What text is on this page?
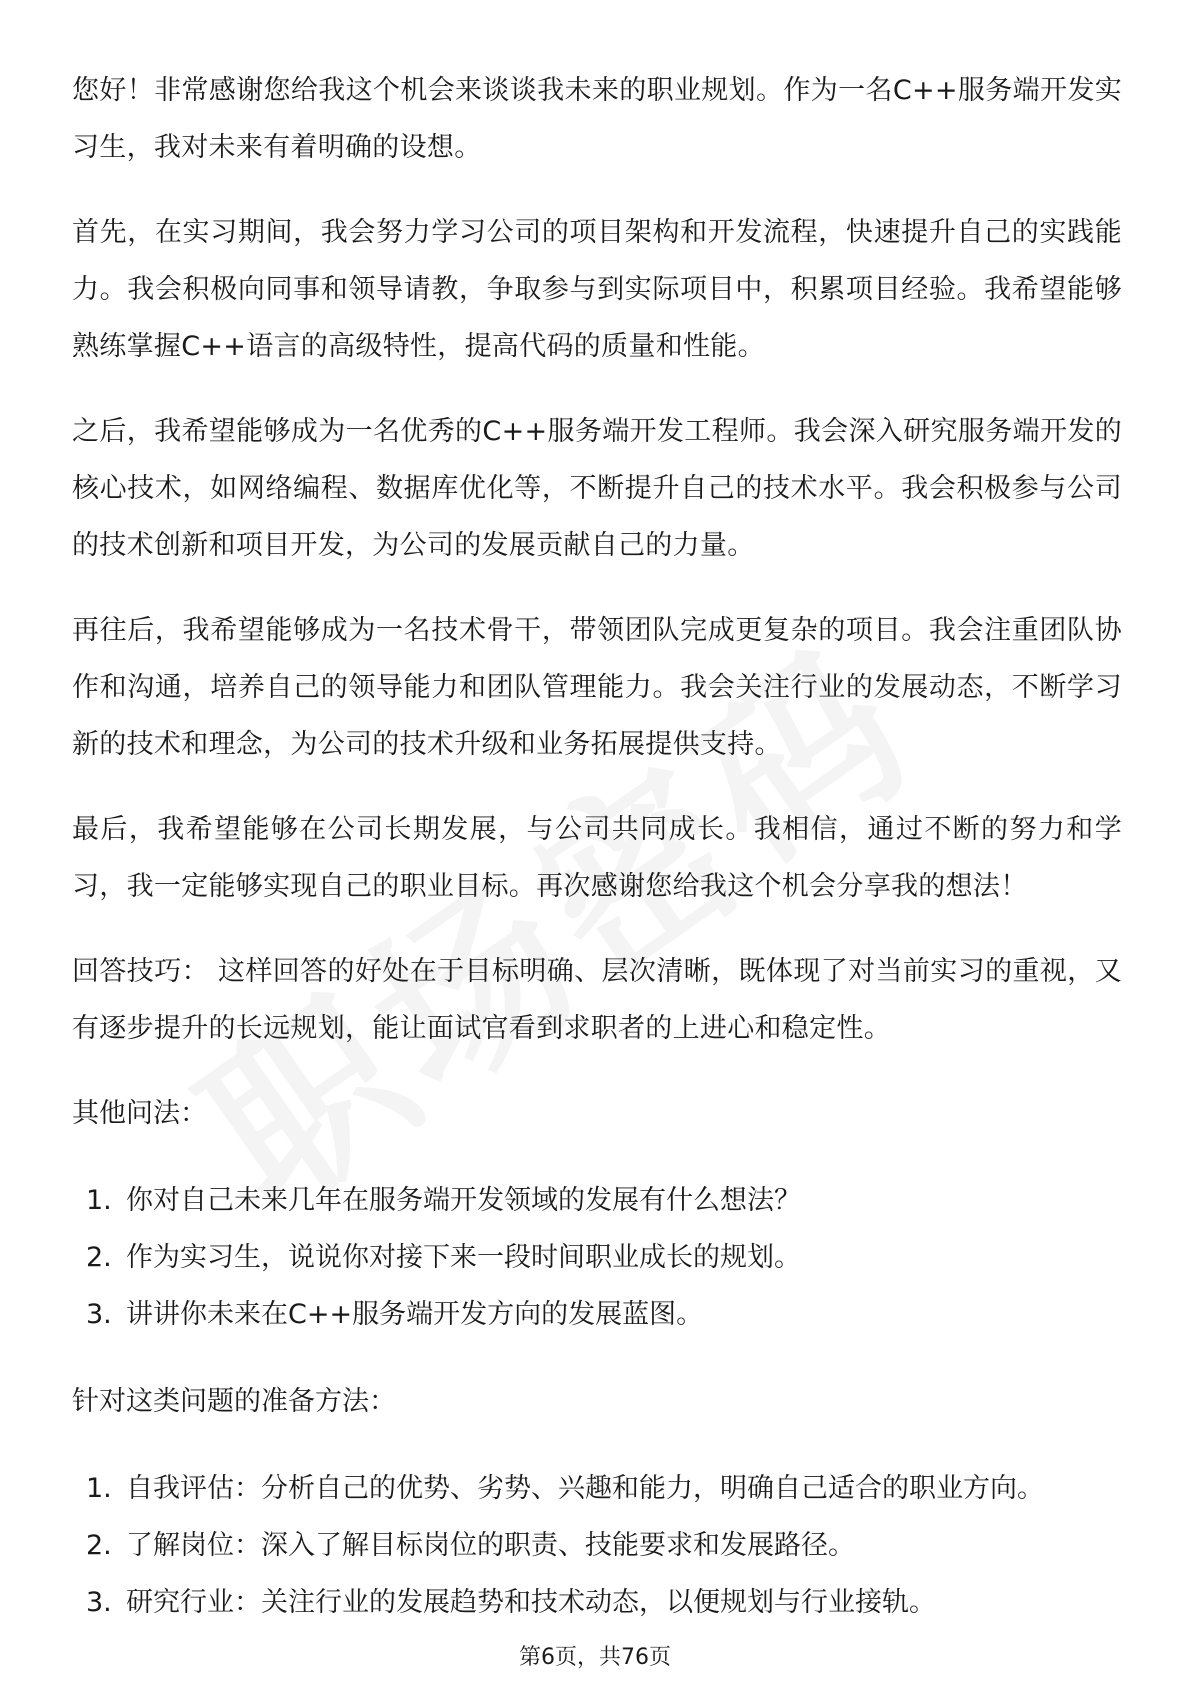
您好！非常感谢您给我这个机会来谈谈我未来的职业规划。作为一名C++服务端开发实习生，我对未来有着明确的设想。

首先，在实习期间，我会努力学习公司的项目架构和开发流程，快速提升自己的实践能力。我会积极向同事和领导请教，争取参与到实际项目中，积累项目经验。我希望能够熟练掌握C++语言的高级特性，提高代码的质量和性能。

之后，我希望能够成为一名优秀的C++服务端开发工程师。我会深入研究服务端开发的核心技术，如网络编程、数据库优化等，不断提升自己的技术水平。我会积极参与公司的技术创新和项目开发，为公司的发展贡献自己的力量。

再往后，我希望能够成为一名技术骨干，带领团队完成更复杂的项目。我会注重团队协作和沟通，培养自己的领导能力和团队管理能力。我会关注行业的发展动态，不断学习新的技术和理念，为公司的技术升级和业务拓展提供支持。

最后，我希望能够在公司长期发展，与公司共同成长。我相信，通过不断的努力和学习，我一定能够实现自己的职业目标。再次感谢您给我这个机会分享我的想法！

回答技巧： 这样回答的好处在于目标明确、层次清晰，既体现了对当前实习的重视，又有逐步提升的长远规划，能让面试官看到求职者的上进心和稳定性。

其他问法：
1. 你对自己未来几年在服务端开发领域的发展有什么想法？
2. 作为实习生，说说你对接下来一段时间职业成长的规划。
3. 讲讲你未来在C++服务端开发方向的发展蓝图。
针对这类问题的准备方法：
1. 自我评估：分析自己的优势、劣势、兴趣和能力，明确自己适合的职业方向。
2. 了解岗位：深入了解目标岗位的职责、技能要求和发展路径。
3. 研究行业：关注行业的发展趋势和技术动态，以便规划与行业接轨。
第6页，共76页
